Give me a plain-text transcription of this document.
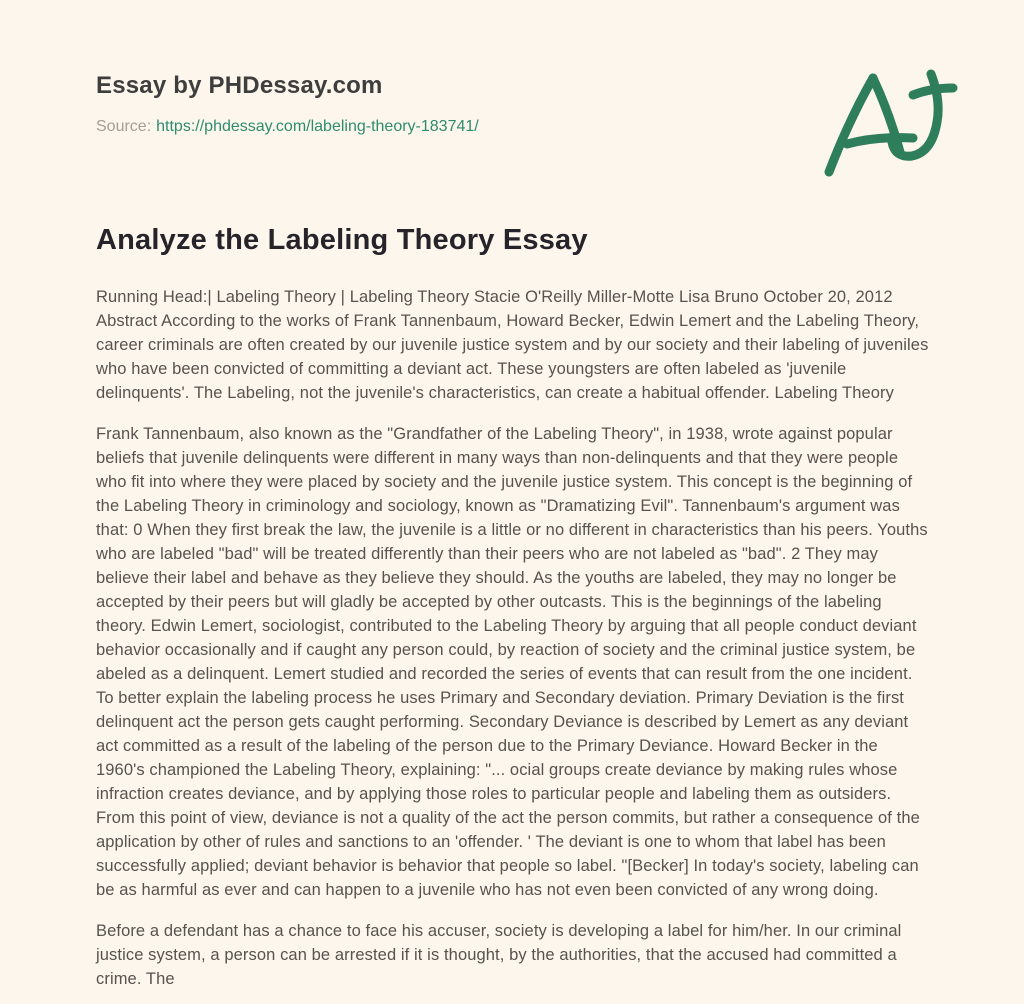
Essay by PHDessay.com
Source: https://phdessay.com/labeling-theory-183741/
Analyze the Labeling Theory Essay

Running Head:| Labeling Theory | Labeling Theory Stacie O'Reilly Miller-Motte Lisa Bruno October 20, 2012 Abstract According to the works of Frank Tannenbaum, Howard Becker, Edwin Lemert and the Labeling Theory, career criminals are often created by our juvenile justice system and by our society and their labeling of juveniles who have been convicted of committing a deviant act. These youngsters are often labeled as 'juvenile delinquents'. The Labeling, not the juvenile's characteristics, can create a habitual offender. Labeling Theory

Frank Tannenbaum, also known as the "Grandfather of the Labeling Theory", in 1938, wrote against popular beliefs that juvenile delinquents were different in many ways than non-delinquents and that they were people who fit into where they were placed by society and the juvenile justice system. This concept is the beginning of the Labeling Theory in criminology and sociology, known as "Dramatizing Evil". Tannenbaum's argument was that: 0 When they first break the law, the juvenile is a little or no different in characteristics than his peers. Youths who are labeled "bad" will be treated differently than their peers who are not labeled as "bad". 2 They may believe their label and behave as they believe they should. As the youths are labeled, they may no longer be accepted by their peers but will gladly be accepted by other outcasts. This is the beginnings of the labeling theory. Edwin Lemert, sociologist, contributed to the Labeling Theory by arguing that all people conduct deviant behavior occasionally and if caught any person could, by reaction of society and the criminal justice system, be abeled as a delinquent. Lemert studied and recorded the series of events that can result from the one incident. To better explain the labeling process he uses Primary and Secondary deviation. Primary Deviation is the first delinquent act the person gets caught performing. Secondary Deviance is described by Lemert as any deviant act committed as a result of the labeling of the person due to the Primary Deviance. Howard Becker in the 1960's championed the Labeling Theory, explaining: "... ocial groups create deviance by making rules whose infraction creates deviance, and by applying those roles to particular people and labeling them as outsiders. From this point of view, deviance is not a quality of the act the person commits, but rather a consequence of the application by other of rules and sanctions to an 'offender. ' The deviant is one to whom that label has been successfully applied; deviant behavior is behavior that people so label. "[Becker] In today's society, labeling can be as harmful as ever and can happen to a juvenile who has not even been convicted of any wrong doing.

Before a defendant has a chance to face his accuser, society is developing a label for him/her. In our criminal justice system, a person can be arrested if it is thought, by the authorities, that the accused had committed a crime. The
